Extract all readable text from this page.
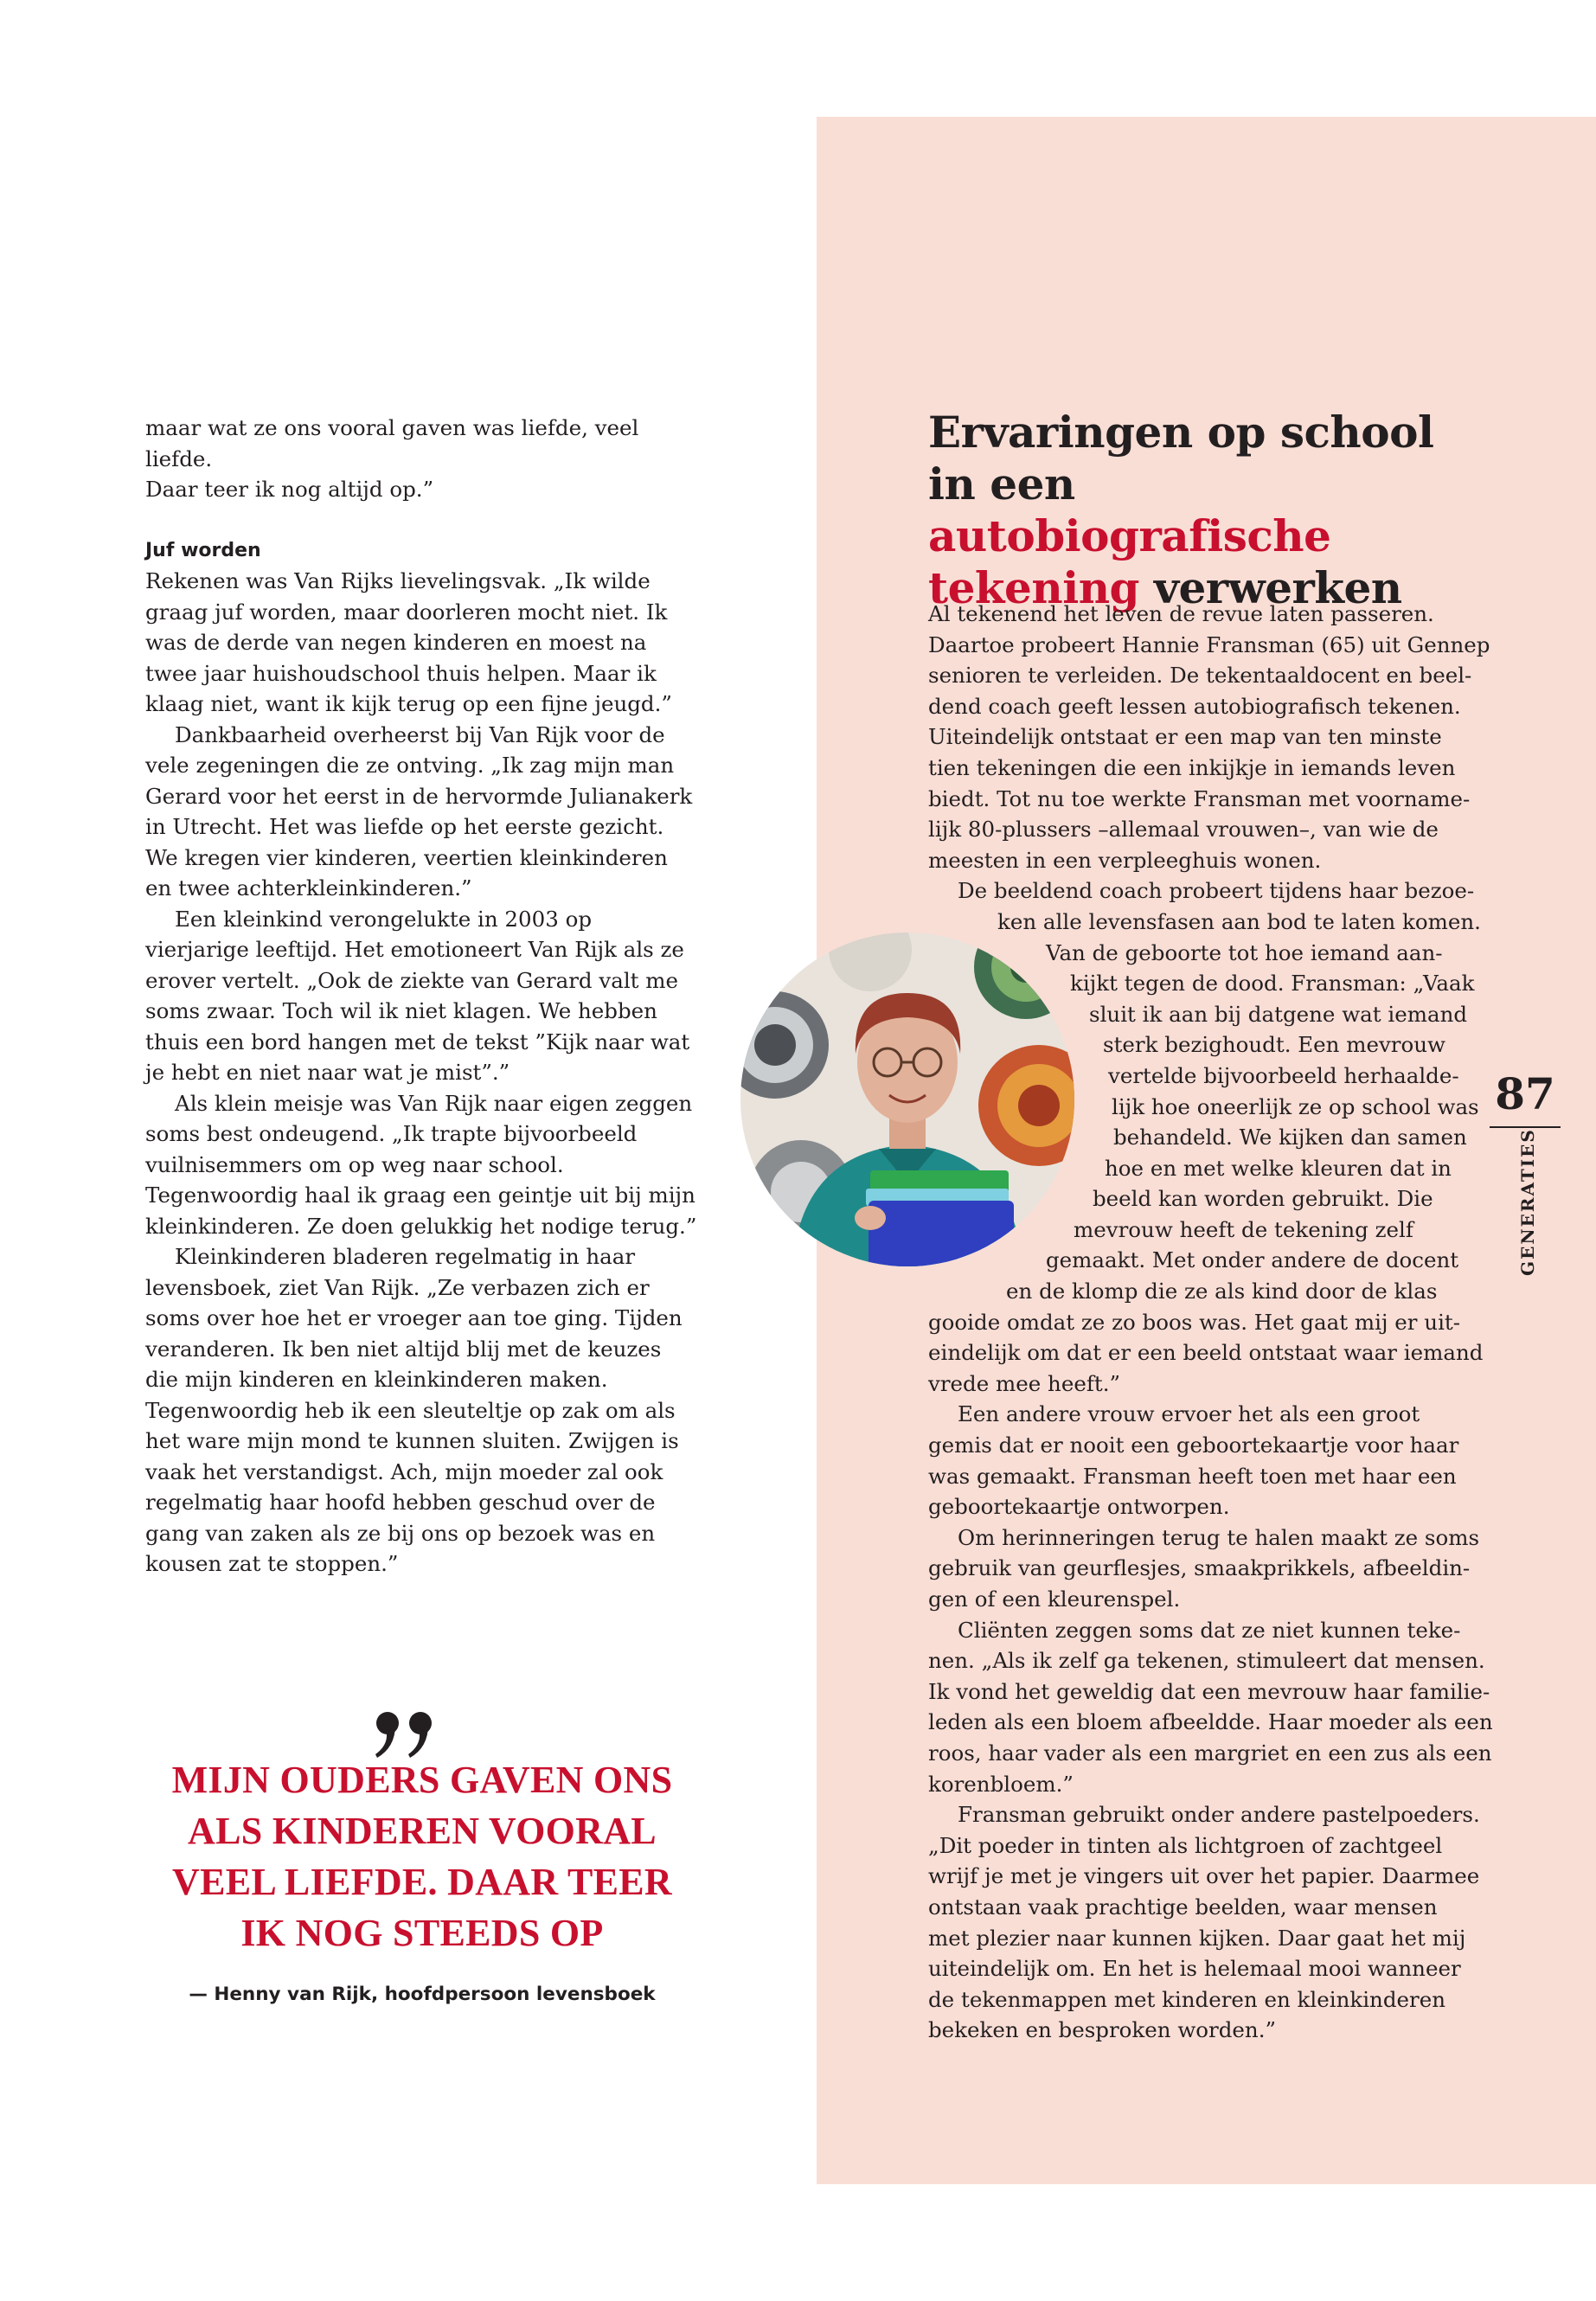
maar wat ze ons vooral gaven was liefde, veel liefde.

Daar teer ik nog altijd op.”

Juf worden

Rekenen was Van Rijks lievelingsvak. „Ik wilde graag juf worden, maar doorleren mocht niet. Ik was de derde van negen kinderen en moest na twee jaar huishoudschool thuis helpen. Maar ik klaag niet, want ik kijk terug op een fijne jeugd.”

Dankbaarheid overheerst bij Van Rijk voor de vele zegeningen die ze ontving. „Ik zag mijn man Gerard voor het eerst in de hervormde Julianakerk in Utrecht. Het was liefde op het eerste gezicht. We kregen vier kinderen, veertien kleinkinderen en twee achterkleinkinderen.”

Een kleinkind verongelukte in 2003 op vierjarige leeftijd. Het emotioneert Van Rijk als ze erover vertelt. „Ook de ziekte van Gerard valt me soms zwaar. Toch wil ik niet klagen. We hebben thuis een bord hangen met de tekst ”Kijk naar wat je hebt en niet naar wat je mist”.”

Als klein meisje was Van Rijk naar eigen zeggen soms best ondeugend. „Ik trapte bijvoorbeeld vuilnisemmers om op weg naar school. Tegenwoordig haal ik graag een geintje uit bij mijn kleinkinderen. Ze doen gelukkig het nodige terug.”

Kleinkinderen bladeren regelmatig in haar levensboek, ziet Van Rijk. „Ze verbazen zich er soms over hoe het er vroeger aan toe ging. Tijden veranderen. Ik ben niet altijd blij met de keuzes die mijn kinderen en kleinkinderen maken. Tegenwoordig heb ik een sleuteltje op zak om als het ware mijn mond te kunnen sluiten. Zwijgen is vaak het verstandigst. Ach, mijn moeder zal ook regelmatig haar hoofd hebben geschud over de gang van zaken als ze bij ons op bezoek was en kousen zat te stoppen.”

MIJN OUDERS GAVEN ONS
ALS KINDEREN VOORAL
VEEL LIEFDE. DAAR TEER
IK NOG STEEDS OP
— Henny van Rijk, hoofdpersoon levensboek
Ervaringen op school
in een autobiografische
tekening verwerken
Al tekenend het leven de revue laten passeren.
Daartoe probeert Hannie Fransman (65) uit Gennep
senioren te verleiden. De tekentaaldocent en beel-
dend coach geeft lessen autobiografisch tekenen.
Uiteindelijk ontstaat er een map van ten minste
tien tekeningen die een inkijkje in iemands leven
biedt. Tot nu toe werkte Fransman met voorname-
lijk 80-plussers –allemaal vrouwen–, van wie de
meesten in een verpleeghuis wonen.
De beeldend coach probeert tijdens haar bezoe-
ken alle levensfasen aan bod te laten komen.
Van de geboorte tot hoe iemand aan-
kijkt tegen de dood. Fransman: „Vaak
sluit ik aan bij datgene wat iemand
sterk bezighoudt. Een mevrouw
vertelde bijvoorbeeld herhaalde-
lijk hoe oneerlijk ze op school was
behandeld. We kijken dan samen
hoe en met welke kleuren dat in
beeld kan worden gebruikt. Die
mevrouw heeft de tekening zelf
gemaakt. Met onder andere de docent
en de klomp die ze als kind door de klas
gooide omdat ze zo boos was. Het gaat mij er uit-
eindelijk om dat er een beeld ontstaat waar iemand
vrede mee heeft.”
Een andere vrouw ervoer het als een groot
gemis dat er nooit een geboortekaartje voor haar
was gemaakt. Fransman heeft toen met haar een
geboortekaartje ontworpen.
Om herinneringen terug te halen maakt ze soms
gebruik van geurflesjes, smaakprikkels, afbeeldin-
gen of een kleurenspel.
Cliënten zeggen soms dat ze niet kunnen teke-
nen. „Als ik zelf ga tekenen, stimuleert dat mensen.
Ik vond het geweldig dat een mevrouw haar familie-
leden als een bloem afbeeldde. Haar moeder als een
roos, haar vader als een margriet en een zus als een
korenbloem.”
Fransman gebruikt onder andere pastelpoeders.
„Dit poeder in tinten als lichtgroen of zachtgeel
wrijf je met je vingers uit over het papier. Daarmee
ontstaan vaak prachtige beelden, waar mensen
met plezier naar kunnen kijken. Daar gaat het mij
uiteindelijk om. En het is helemaal mooi wanneer
de tekenmappen met kinderen en kleinkinderen
bekeken en besproken worden.”
87
GENERATIES
